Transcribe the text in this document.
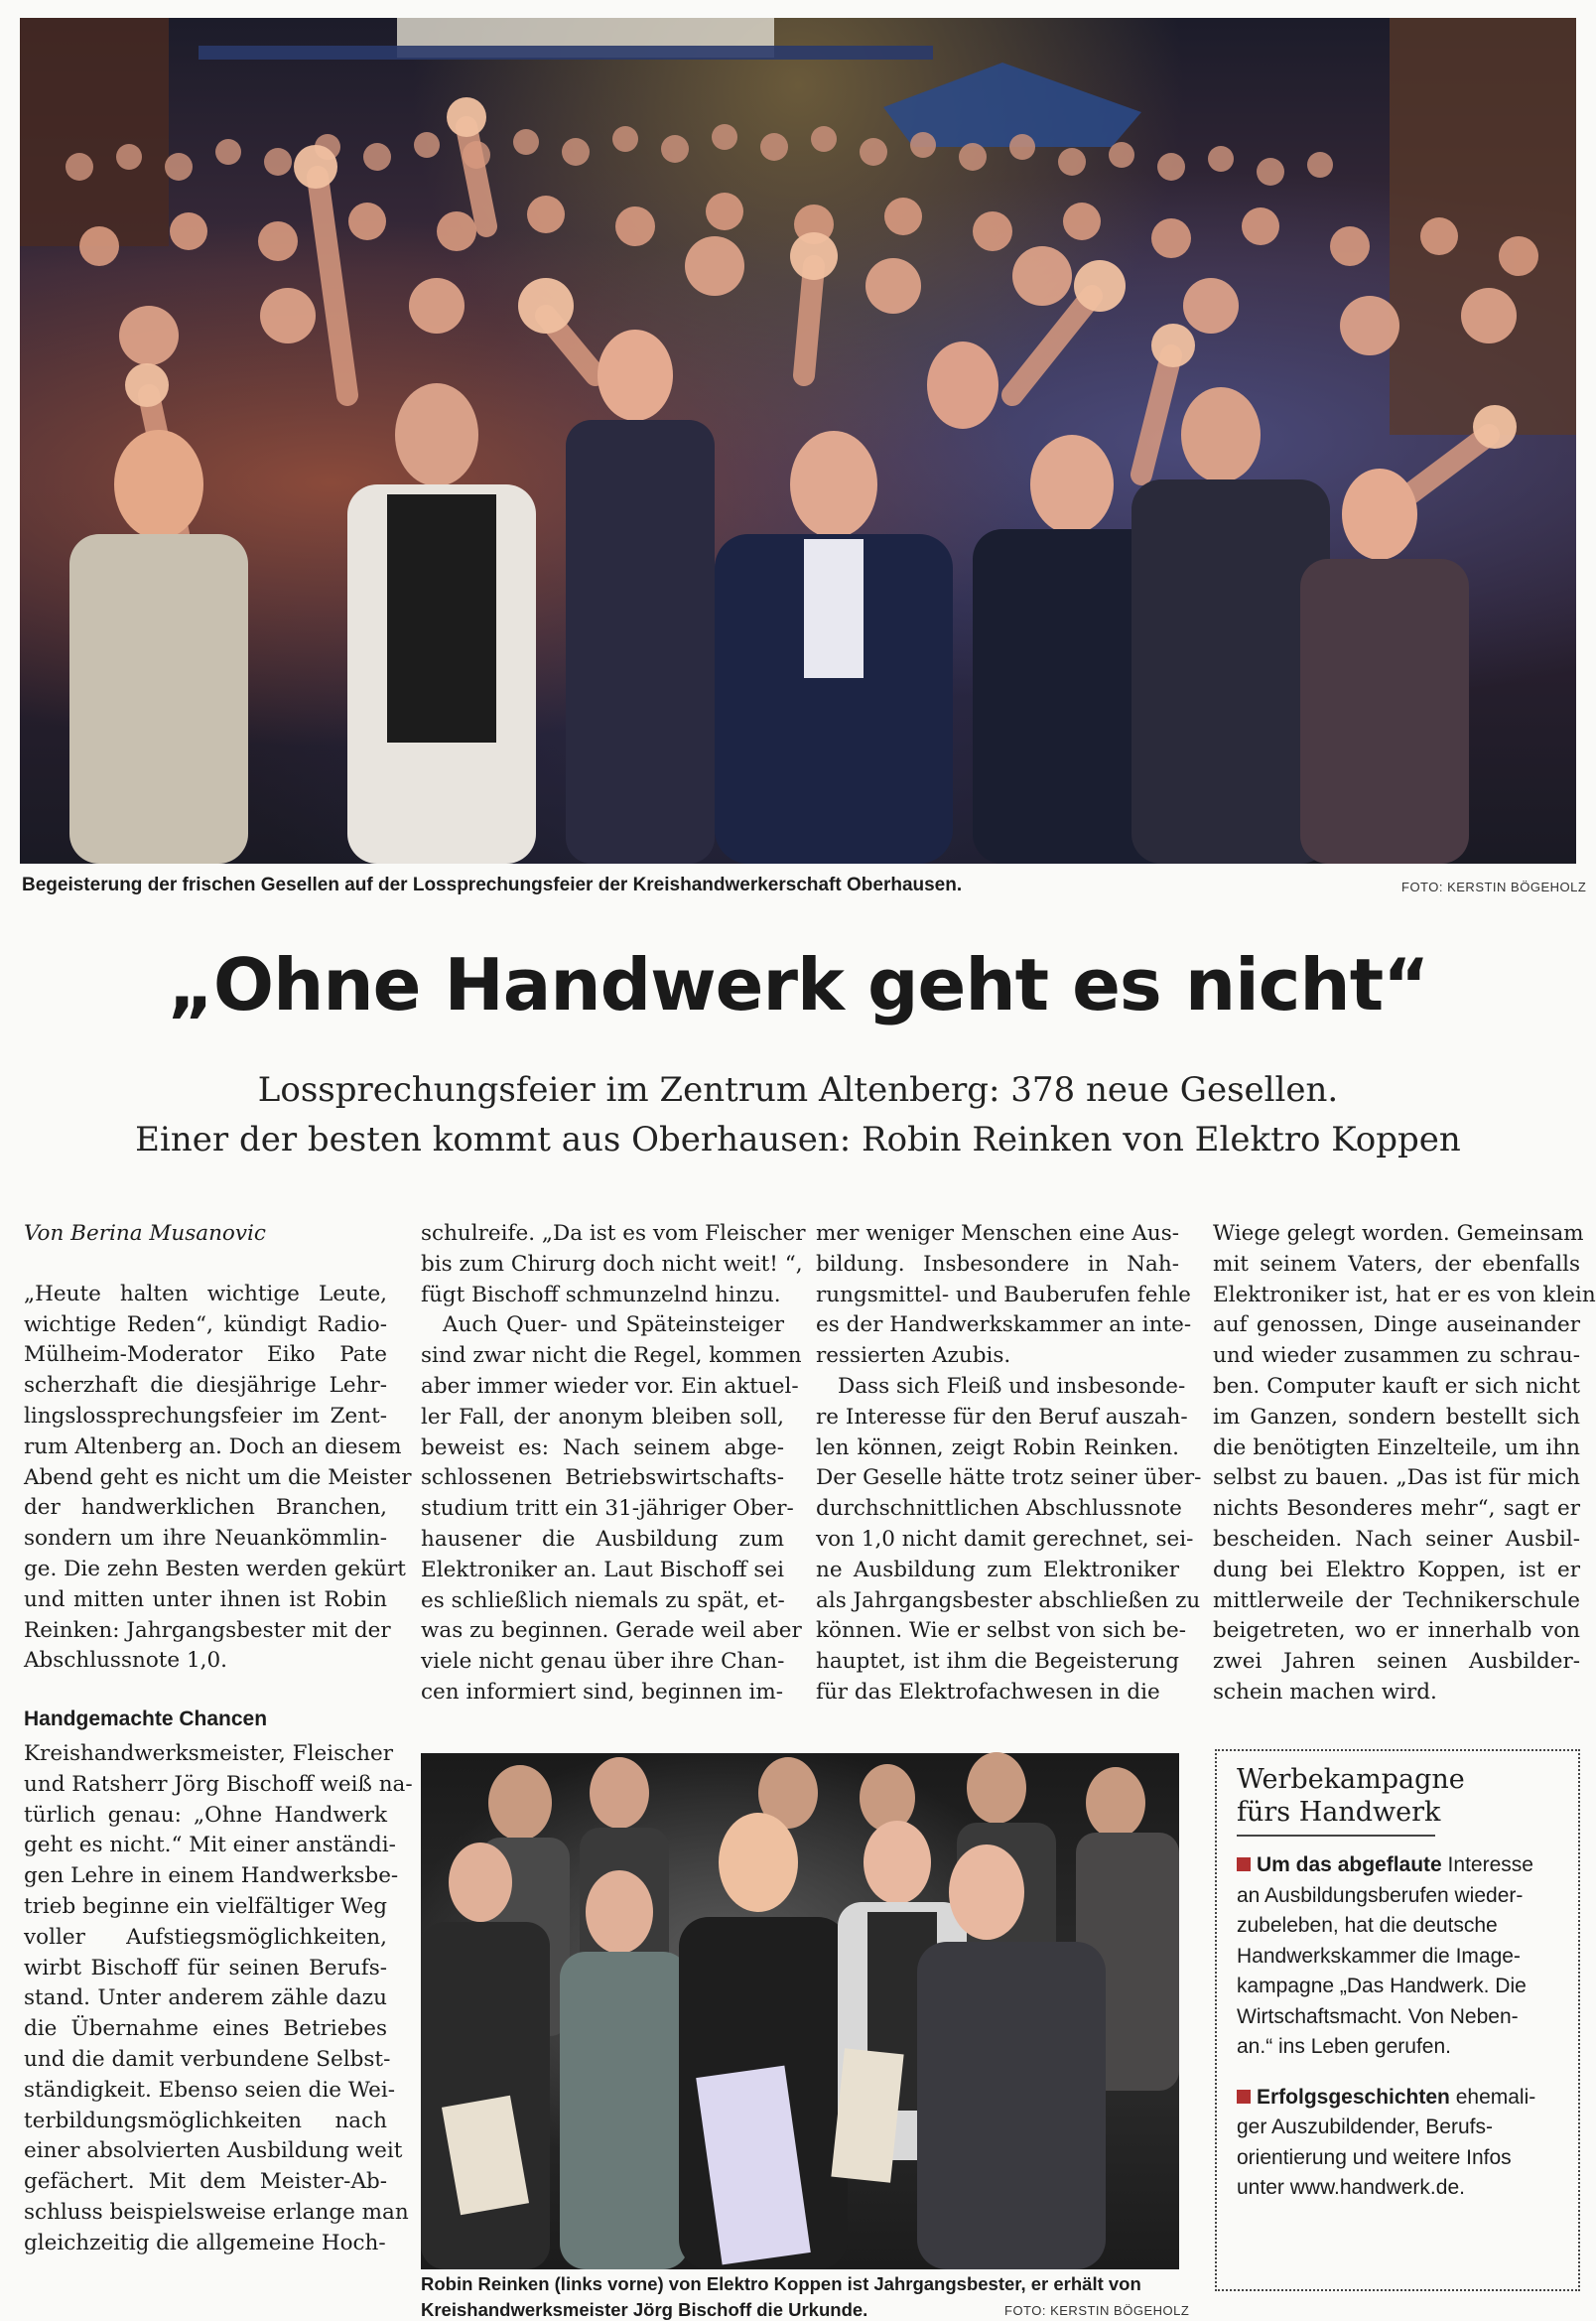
Begeisterung der frischen Gesellen auf der Lossprechungsfeier der Kreishandwerkerschaft Oberhausen.	FOTO: KERSTIN BÖGEHOLZ
„Ohne Handwerk geht es nicht“
Lossprechungsfeier im Zentrum Altenberg: 378 neue Gesellen.
Einer der besten kommt aus Oberhausen: Robin Reinken von Elektro Koppen
Von Berina Musanovic
„Heute halten wichtige Leute,
wichtige Reden“, kündigt Radio-
Mülheim-Moderator Eiko Pate
scherzhaft die diesjährige Lehr-
lingslossprechungsfeier im Zent-
rum Altenberg an. Doch an diesem
Abend geht es nicht um die Meister
der handwerklichen Branchen,
sondern um ihre Neuankömmlin-
ge. Die zehn Besten werden gekürt
und mitten unter ihnen ist Robin
Reinken: Jahrgangsbester mit der
Abschlussnote 1,0.
Handgemachte Chancen
Kreishandwerksmeister, Fleischer
und Ratsherr Jörg Bischoff weiß na-
türlich genau: „Ohne Handwerk
geht es nicht.“ Mit einer anständi-
gen Lehre in einem Handwerksbe-
trieb beginne ein vielfältiger Weg
voller Aufstiegsmöglichkeiten,
wirbt Bischoff für seinen Berufs-
stand. Unter anderem zähle dazu
die Übernahme eines Betriebes
und die damit verbundene Selbst-
ständigkeit. Ebenso seien die Wei-
terbildungsmöglichkeiten nach
einer absolvierten Ausbildung weit
gefächert. Mit dem Meister-Ab-
schluss beispielsweise erlange man
gleichzeitig die allgemeine Hoch-
schulreife. „Da ist es vom Fleischer
bis zum Chirurg doch nicht weit! “,
fügt Bischoff schmunzelnd hinzu.
Auch Quer- und Späteinsteiger
sind zwar nicht die Regel, kommen
aber immer wieder vor. Ein aktuel-
ler Fall, der anonym bleiben soll,
beweist es: Nach seinem abge-
schlossenen Betriebswirtschafts-
studium tritt ein 31-jähriger Ober-
hausener die Ausbildung zum
Elektroniker an. Laut Bischoff sei
es schließlich niemals zu spät, et-
was zu beginnen. Gerade weil aber
viele nicht genau über ihre Chan-
cen informiert sind, beginnen im-
mer weniger Menschen eine Aus-
bildung. Insbesondere in Nah-
rungsmittel- und Bauberufen fehle
es der Handwerkskammer an inte-
ressierten Azubis.
Dass sich Fleiß und insbesonde-
re Interesse für den Beruf auszah-
len können, zeigt Robin Reinken.
Der Geselle hätte trotz seiner über-
durchschnittlichen Abschlussnote
von 1,0 nicht damit gerechnet, sei-
ne Ausbildung zum Elektroniker
als Jahrgangsbester abschließen zu
können. Wie er selbst von sich be-
hauptet, ist ihm die Begeisterung
für das Elektrofachwesen in die
Wiege gelegt worden. Gemeinsam
mit seinem Vaters, der ebenfalls
Elektroniker ist, hat er es von klein
auf genossen, Dinge auseinander
und wieder zusammen zu schrau-
ben. Computer kauft er sich nicht
im Ganzen, sondern bestellt sich
die benötigten Einzelteile, um ihn
selbst zu bauen. „Das ist für mich
nichts Besonderes mehr“, sagt er
bescheiden. Nach seiner Ausbil-
dung bei Elektro Koppen, ist er
mittlerweile der Technikerschule
beigetreten, wo er innerhalb von
zwei Jahren seinen Ausbilder-
schein machen wird.
Robin Reinken (links vorne) von Elektro Koppen ist Jahrgangsbester, er erhält von
Kreishandwerksmeister Jörg Bischoff die Urkunde.	FOTO: KERSTIN BÖGEHOLZ
Werbekampagne
fürs Handwerk
Um das abgeflaute Interesse
an Ausbildungsberufen wieder-
zubeleben, hat die deutsche
Handwerkskammer die Image-
kampagne „Das Handwerk. Die
Wirtschaftsmacht. Von Neben-
an.“ ins Leben gerufen.
Erfolgsgeschichten ehemali-
ger Auszubildender, Berufs-
orientierung und weitere Infos
unter www.handwerk.de.
